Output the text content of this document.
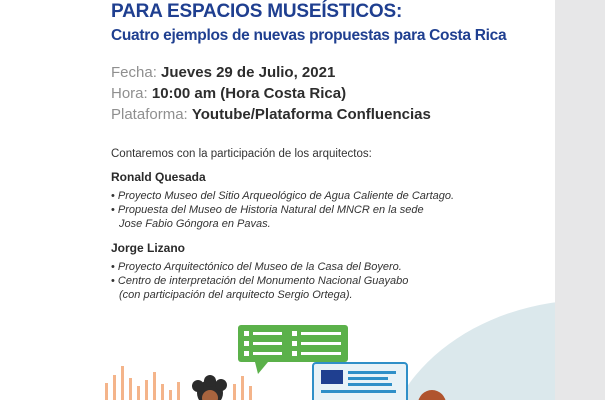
PARA ESPACIOS MUSEÍSTICOS:
Cuatro ejemplos de nuevas propuestas para Costa Rica
Fecha: Jueves 29 de Julio, 2021
Hora: 10:00 am (Hora Costa Rica)
Plataforma: Youtube/Plataforma Confluencias
Contaremos con la participación de los arquitectos:
Ronald Quesada
• Proyecto Museo del Sitio Arqueológico de Agua Caliente de Cartago.
• Propuesta del Museo de Historia Natural del MNCR en la sede
Jose Fabio Góngora en Pavas.
Jorge Lizano
• Proyecto Arquitectónico del Museo de la Casa del Boyero.
• Centro de interpretación del Monumento Nacional Guayabo
(con participación del arquitecto Sergio Ortega).
